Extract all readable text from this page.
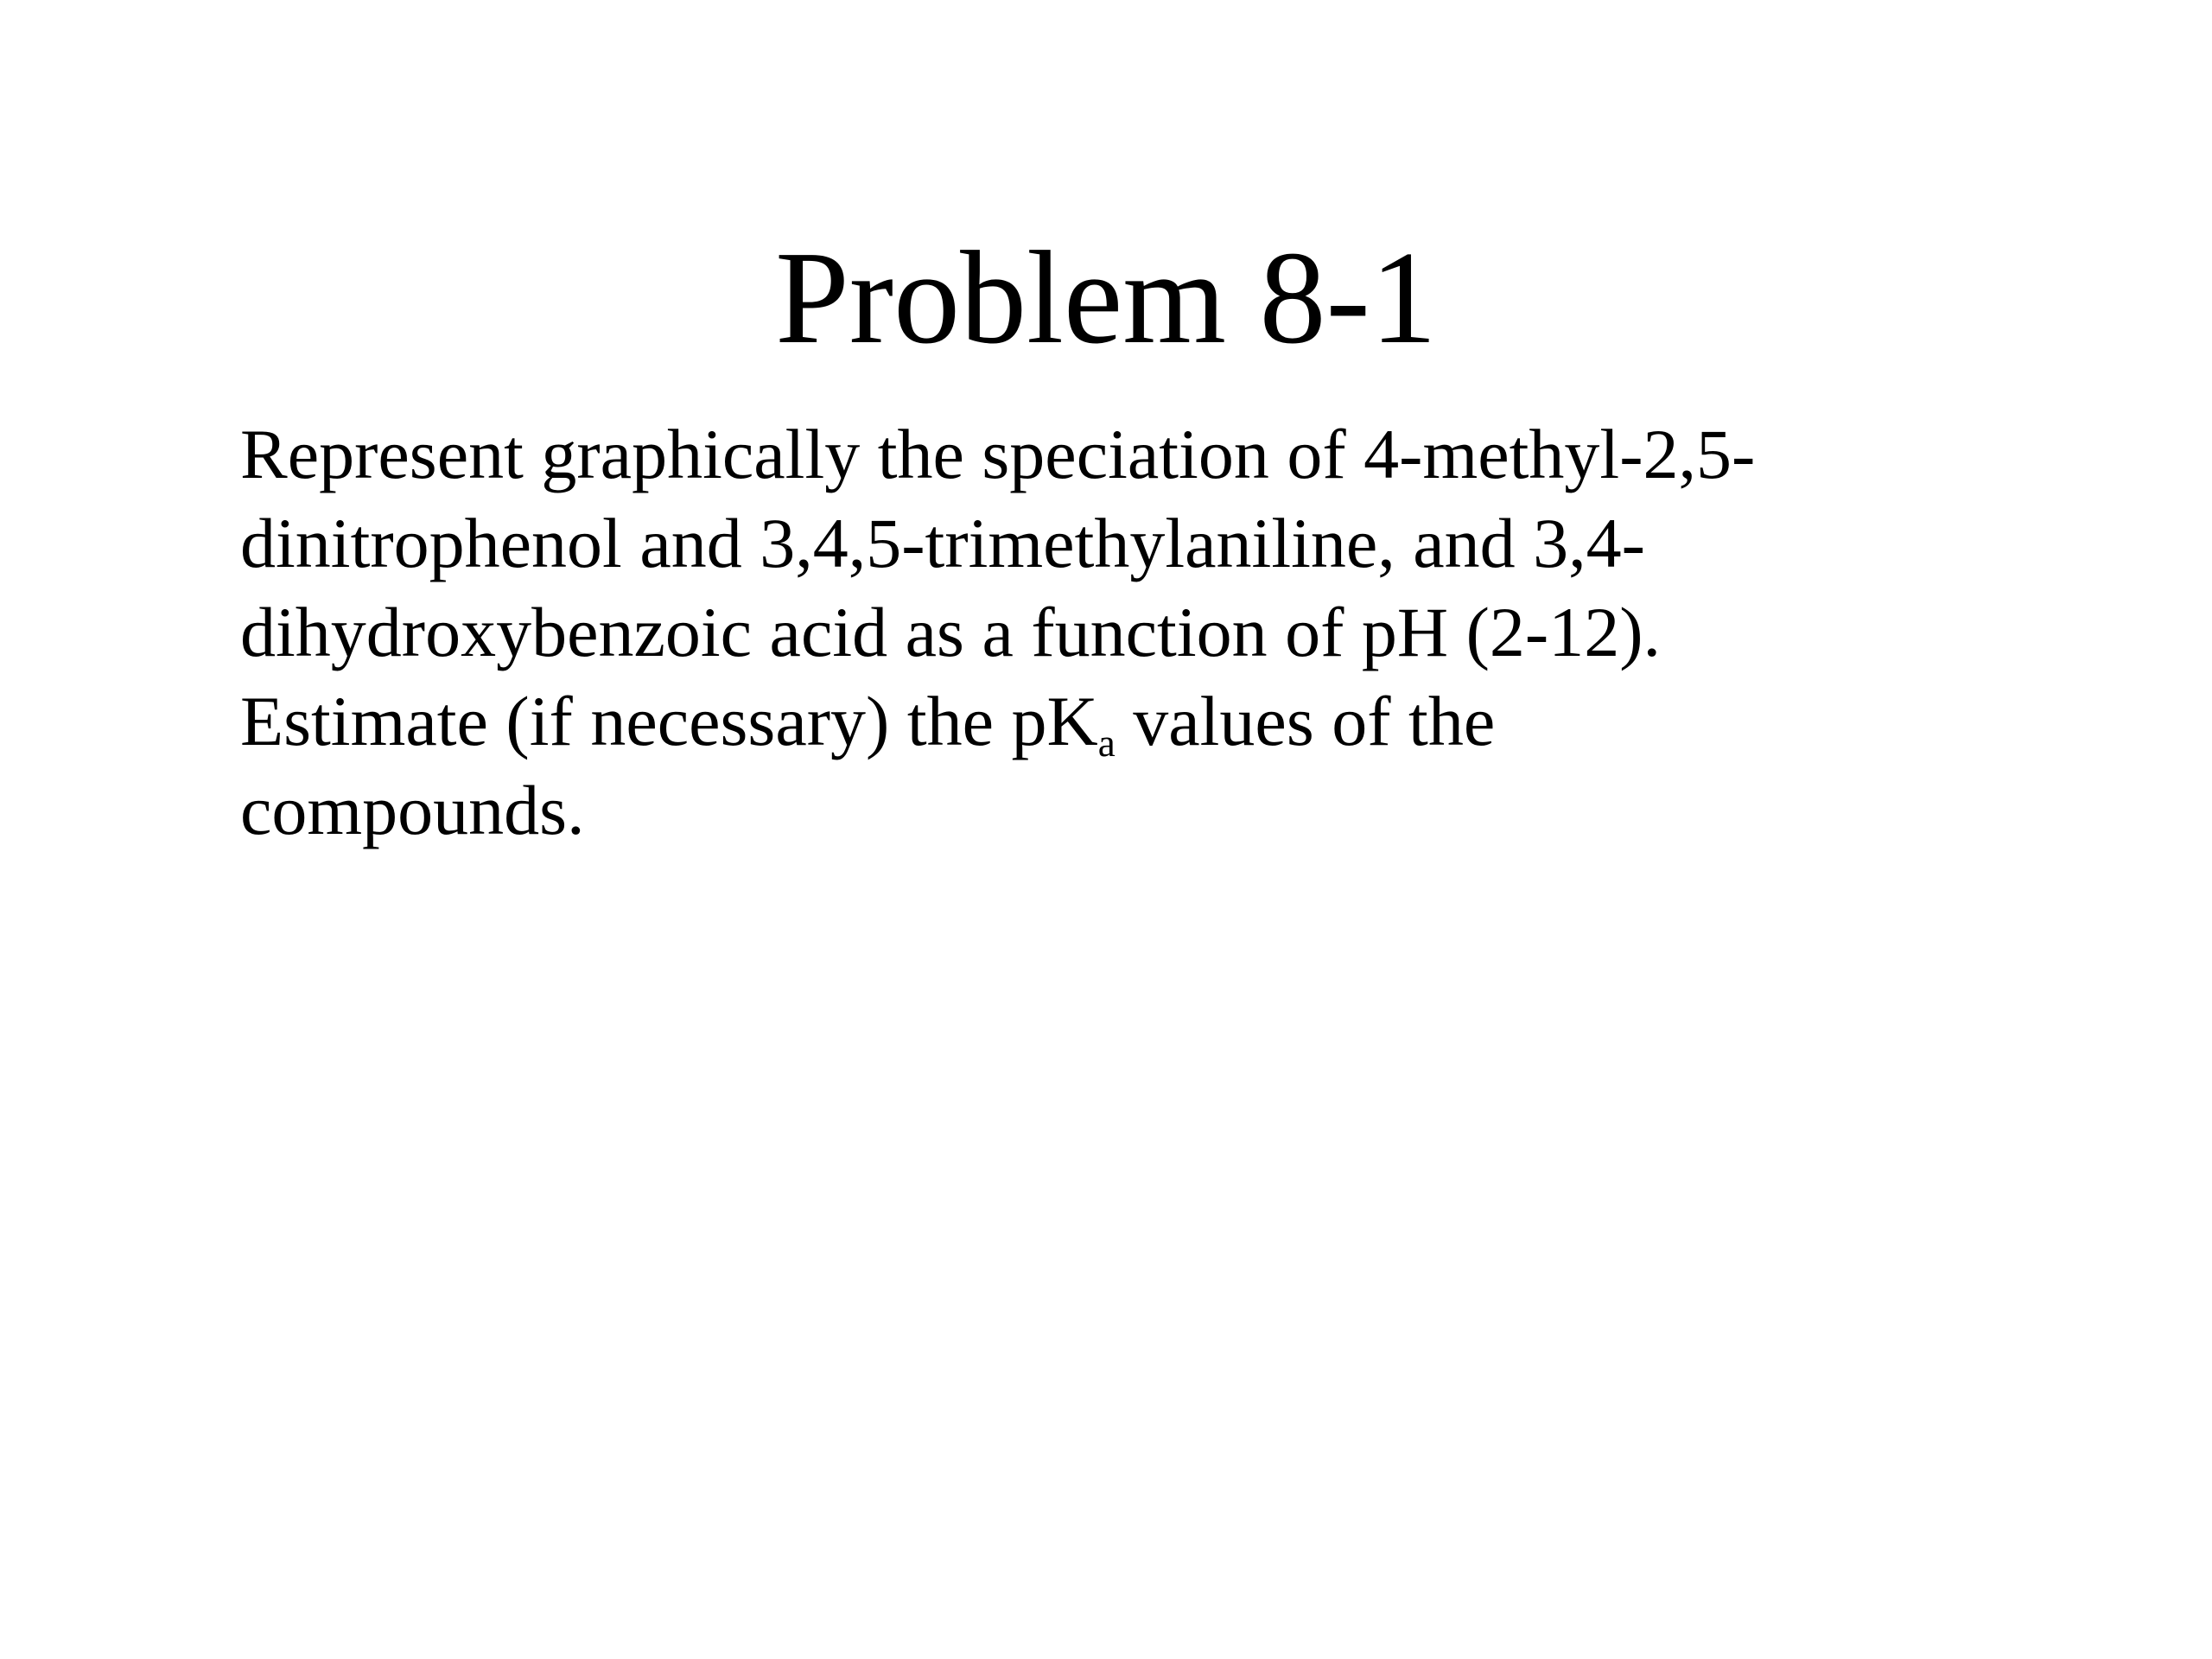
Problem 8-1
Represent graphically the speciation of 4-methyl-2,5-
dinitrophenol and 3,4,5-trimethylaniline, and 3,4-
dihydroxybenzoic acid as a function of pH (2-12).
Estimate (if necessary) the $pK_a$ values of the
compounds.
